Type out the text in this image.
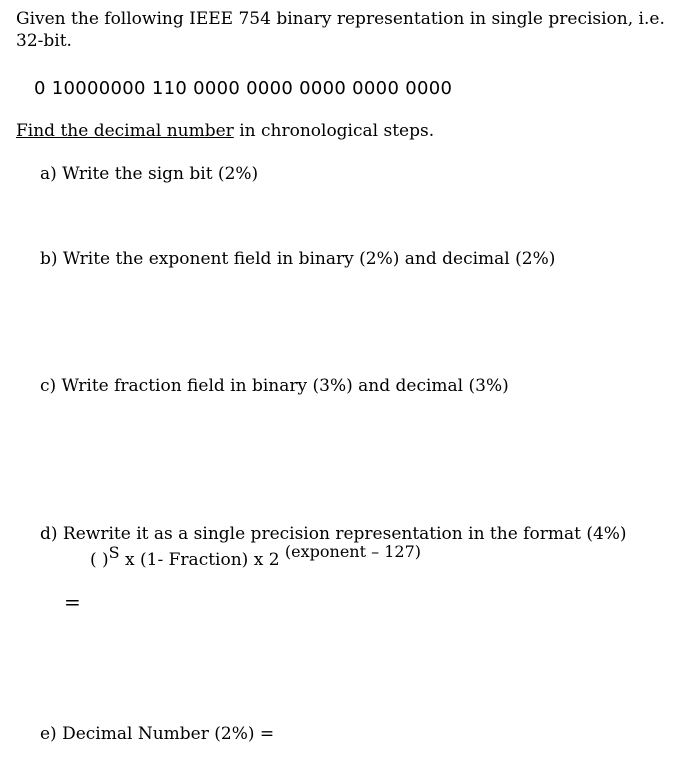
Given the following IEEE 754 binary representation in single precision, i.e. 32-bit.
0 10000000 110 0000 0000 0000 0000 0000
Find the decimal number in chronological steps.
a) Write the sign bit (2%)
b) Write the exponent field in binary (2%) and decimal (2%)
c) Write fraction field in binary (3%) and decimal (3%)
d) Rewrite it as a single precision representation in the format (4%)
( )S x (1- Fraction) x 2 (exponent – 127)
=
e) Decimal Number (2%) =
